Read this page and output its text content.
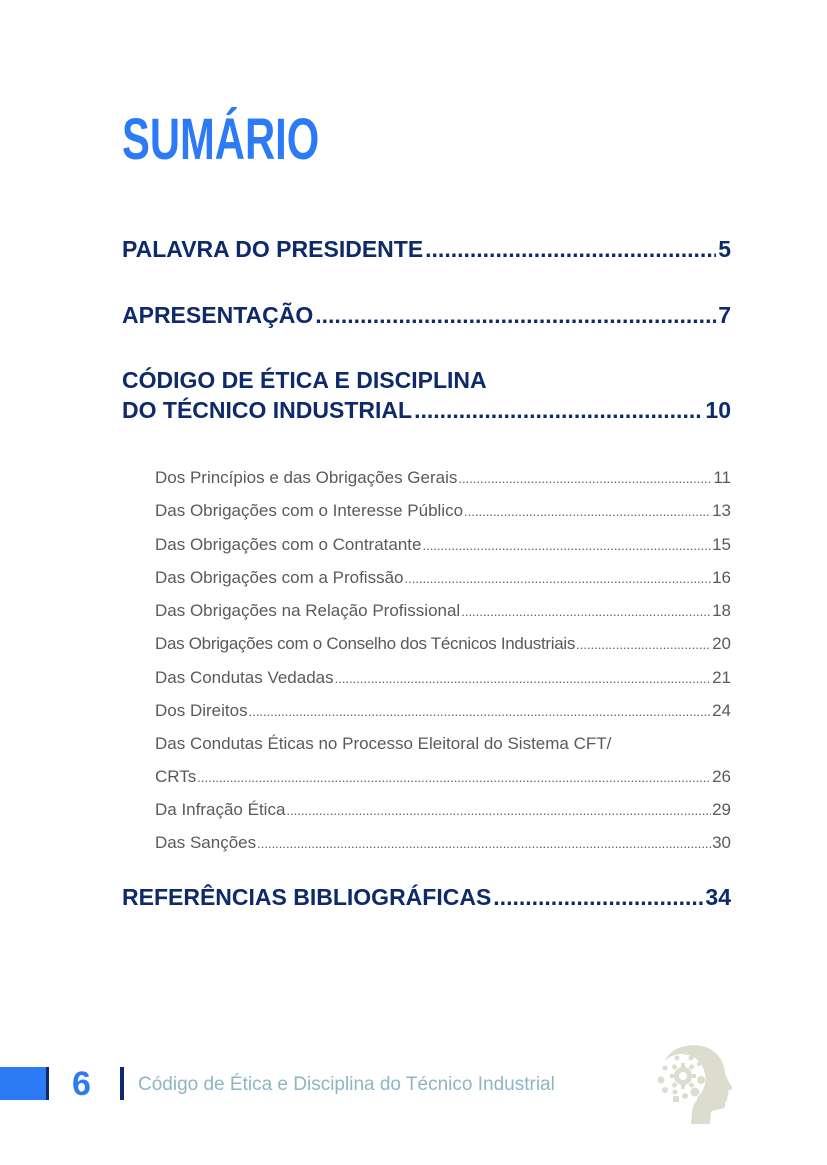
SUMÁRIO
PALAVRA DO PRESIDENTE .....	5
APRESENTAÇÃO .....	7
CÓDIGO DE ÉTICA E DISCIPLINA
DO TÉCNICO INDUSTRIAL .....	10
Dos Princípios e das Obrigações Gerais .....	11
Das Obrigações com o Interesse Público .....	13
Das Obrigações com o Contratante .....	15
Das Obrigações com a Profissão .....	16
Das Obrigações na Relação Profissional .....	18
Das Obrigações com o Conselho dos Técnicos Industriais .....	20
Das Condutas Vedadas .....	21
Dos Direitos .....	24
Das Condutas Éticas no Processo Eleitoral do Sistema CFT/
CRTs .....	26
Da Infração Ética .....	29
Das Sanções .....	30
REFERÊNCIAS BIBLIOGRÁFICAS .....	34
6 Código de Ética e Disciplina do Técnico Industrial
